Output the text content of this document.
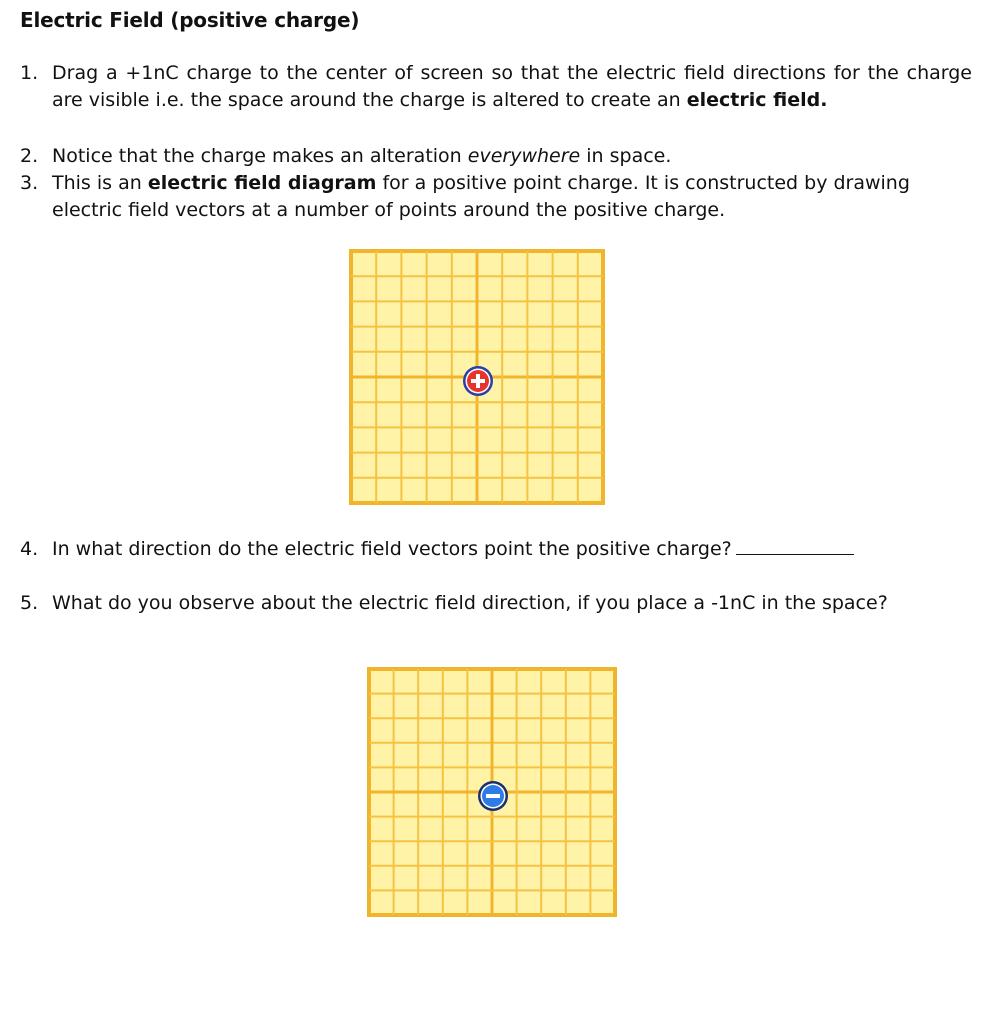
Electric Field (positive charge)
1. Drag a +1nC charge to the center of screen so that the electric field directions for the charge are visible i.e. the space around the charge is altered to create an electric field.
2. Notice that the charge makes an alteration everywhere in space.
3. This is an electric field diagram for a positive point charge. It is constructed by drawing electric field vectors at a number of points around the positive charge.
4. In what direction do the electric field vectors point the positive charge?
5. What do you observe about the electric field direction, if you place a -1nC in the space?
